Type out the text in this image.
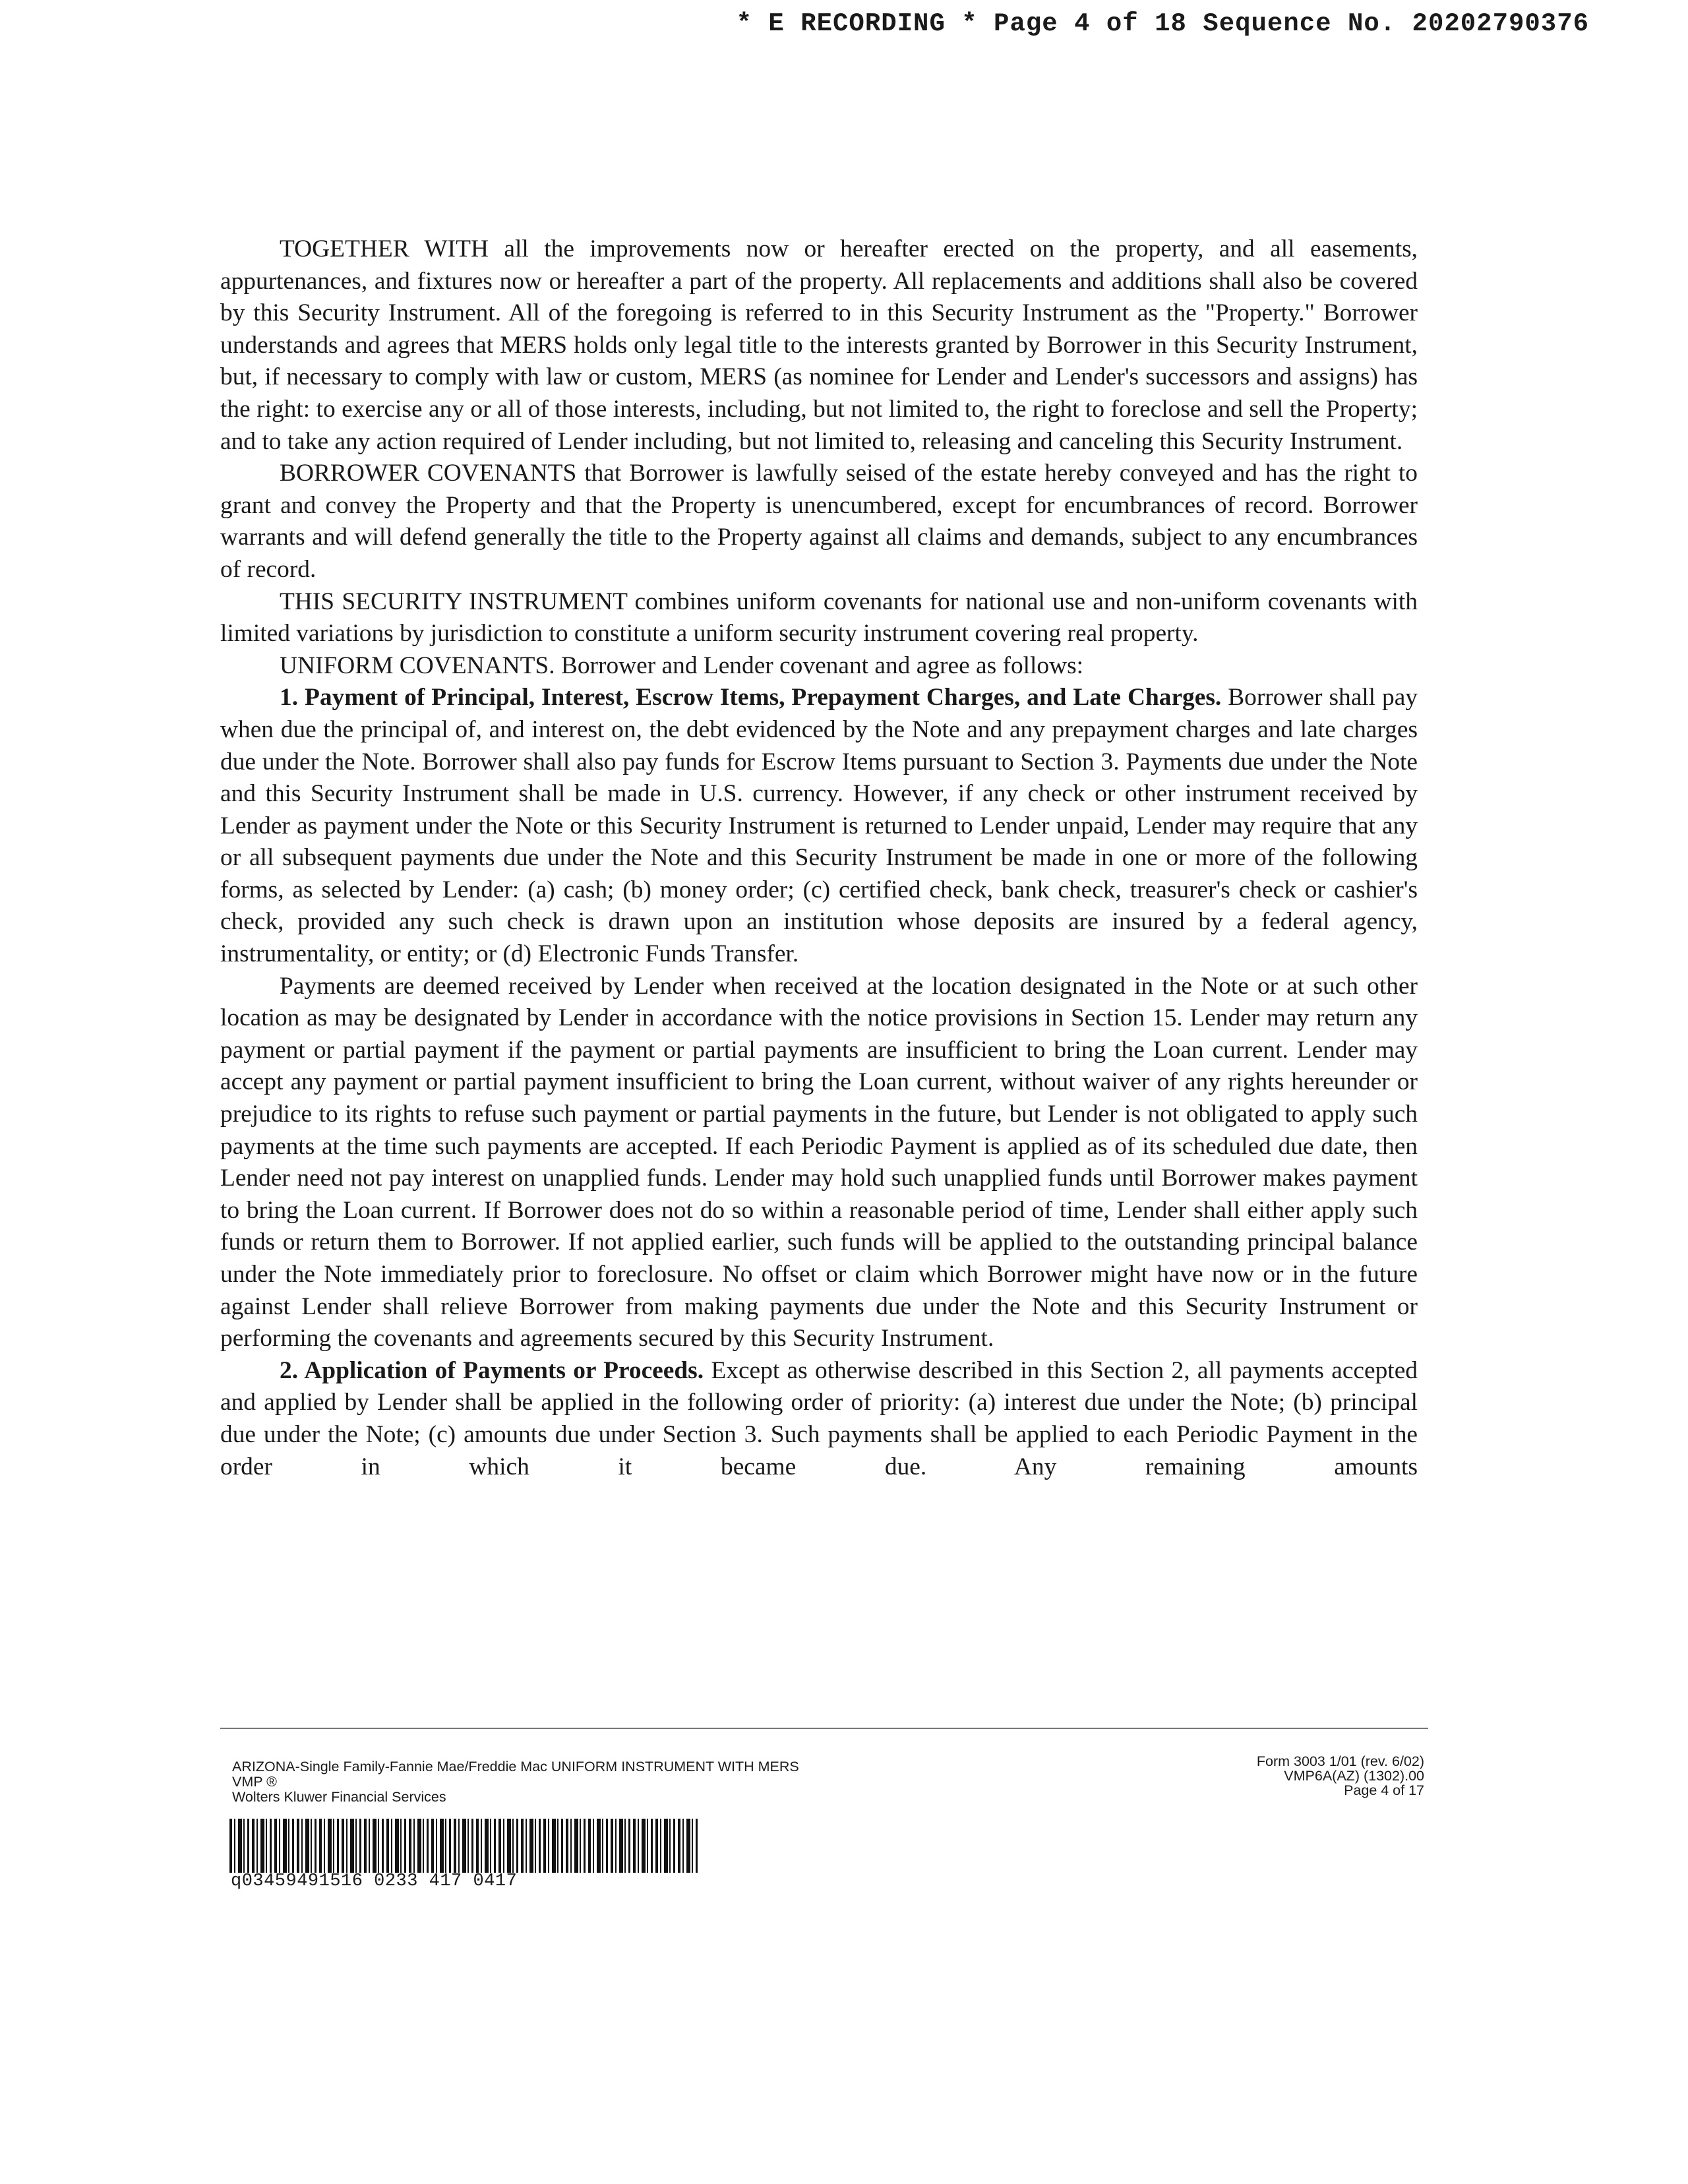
* E RECORDING * Page 4 of 18 Sequence No. 20202790376

TOGETHER WITH all the improvements now or hereafter erected on the property, and all easements, appurtenances, and fixtures now or hereafter a part of the property. All replacements and additions shall also be covered by this Security Instrument. All of the foregoing is referred to in this Security Instrument as the "Property." Borrower understands and agrees that MERS holds only legal title to the interests granted by Borrower in this Security Instrument, but, if necessary to comply with law or custom, MERS (as nominee for Lender and Lender's successors and assigns) has the right: to exercise any or all of those interests, including, but not limited to, the right to foreclose and sell the Property; and to take any action required of Lender including, but not limited to, releasing and canceling this Security Instrument.

BORROWER COVENANTS that Borrower is lawfully seised of the estate hereby conveyed and has the right to grant and convey the Property and that the Property is unencumbered, except for encumbrances of record. Borrower warrants and will defend generally the title to the Property against all claims and demands, subject to any encumbrances of record.

THIS SECURITY INSTRUMENT combines uniform covenants for national use and non-uniform covenants with limited variations by jurisdiction to constitute a uniform security instrument covering real property.

UNIFORM COVENANTS. Borrower and Lender covenant and agree as follows:

1. Payment of Principal, Interest, Escrow Items, Prepayment Charges, and Late Charges. Borrower shall pay when due the principal of, and interest on, the debt evidenced by the Note and any prepayment charges and late charges due under the Note. Borrower shall also pay funds for Escrow Items pursuant to Section 3. Payments due under the Note and this Security Instrument shall be made in U.S. currency. However, if any check or other instrument received by Lender as payment under the Note or this Security Instrument is returned to Lender unpaid, Lender may require that any or all subsequent payments due under the Note and this Security Instrument be made in one or more of the following forms, as selected by Lender: (a) cash; (b) money order; (c) certified check, bank check, treasurer's check or cashier's check, provided any such check is drawn upon an institution whose deposits are insured by a federal agency, instrumentality, or entity; or (d) Electronic Funds Transfer.

Payments are deemed received by Lender when received at the location designated in the Note or at such other location as may be designated by Lender in accordance with the notice provisions in Section 15. Lender may return any payment or partial payment if the payment or partial payments are insufficient to bring the Loan current. Lender may accept any payment or partial payment insufficient to bring the Loan current, without waiver of any rights hereunder or prejudice to its rights to refuse such payment or partial payments in the future, but Lender is not obligated to apply such payments at the time such payments are accepted. If each Periodic Payment is applied as of its scheduled due date, then Lender need not pay interest on unapplied funds. Lender may hold such unapplied funds until Borrower makes payment to bring the Loan current. If Borrower does not do so within a reasonable period of time, Lender shall either apply such funds or return them to Borrower. If not applied earlier, such funds will be applied to the outstanding principal balance under the Note immediately prior to foreclosure. No offset or claim which Borrower might have now or in the future against Lender shall relieve Borrower from making payments due under the Note and this Security Instrument or performing the covenants and agreements secured by this Security Instrument.

2. Application of Payments or Proceeds. Except as otherwise described in this Section 2, all payments accepted and applied by Lender shall be applied in the following order of priority: (a) interest due under the Note; (b) principal due under the Note; (c) amounts due under Section 3. Such payments shall be applied to each Periodic Payment in the order in which it became due. Any remaining amounts

ARIZONA-Single Family-Fannie Mae/Freddie Mac UNIFORM INSTRUMENT WITH MERS
VMP ®
Wolters Kluwer Financial Services
Form 3003 1/01 (rev. 6/02)
VMP6A(AZ) (1302).00
Page 4 of 17
q03459491516 0233 417 0417
